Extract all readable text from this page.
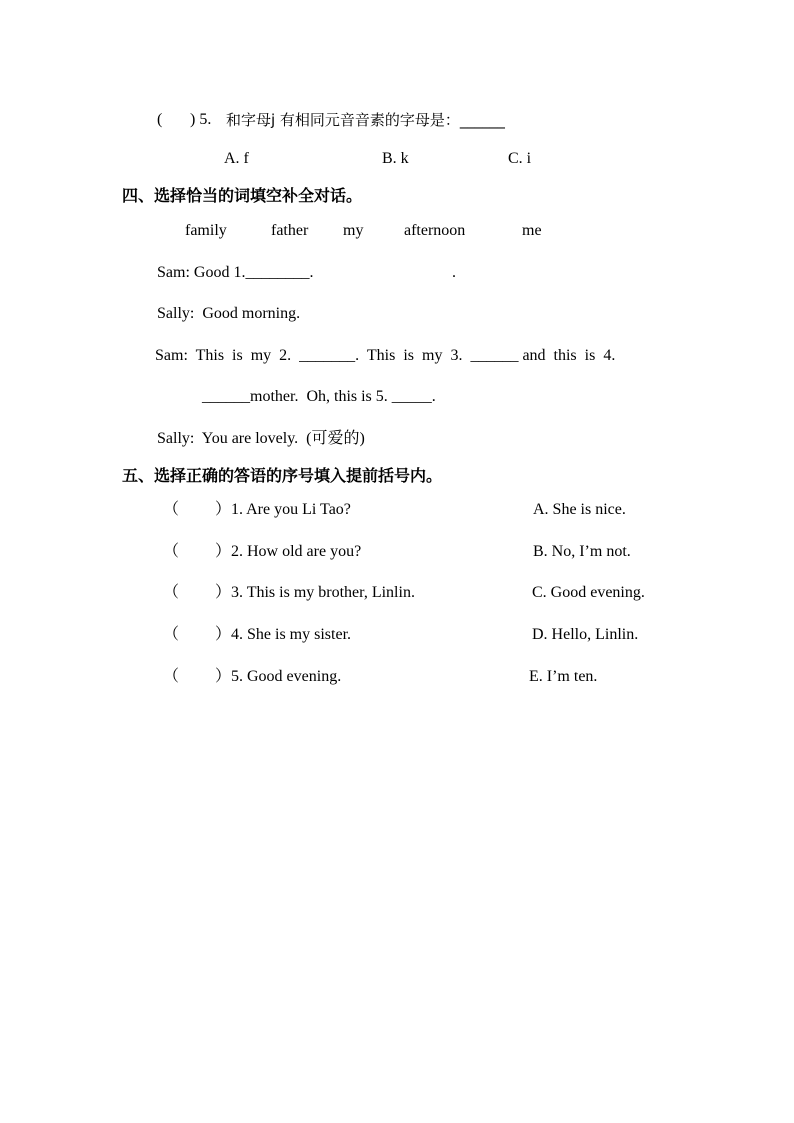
( ) 5. 和字母j 有相同元音音素的字母是：______
A. f	B. k	C. i
四、选择恰当的词填空补全对话。
family	father my	afternoon	me
Sam: Good 1.________.	.
Sally:  Good morning.
Sam:  This  is  my  2.  _______.  This  is  my  3.  ______ and  this  is  4.
______mother.  Oh, this is 5. _____.
Sally:  You are lovely.  (可爱的)
五、选择正确的答语的序号填入提前括号内。
（         ） 1. Are you Li Tao?	A. She is nice.
（         ） 2. How old are you?	B. No, I’m not.
（         ） 3. This is my brother, Linlin.	C. Good evening.
（         ） 4. She is my sister.	D. Hello, Linlin.
（         ） 5. Good evening.	E. I’m ten.
